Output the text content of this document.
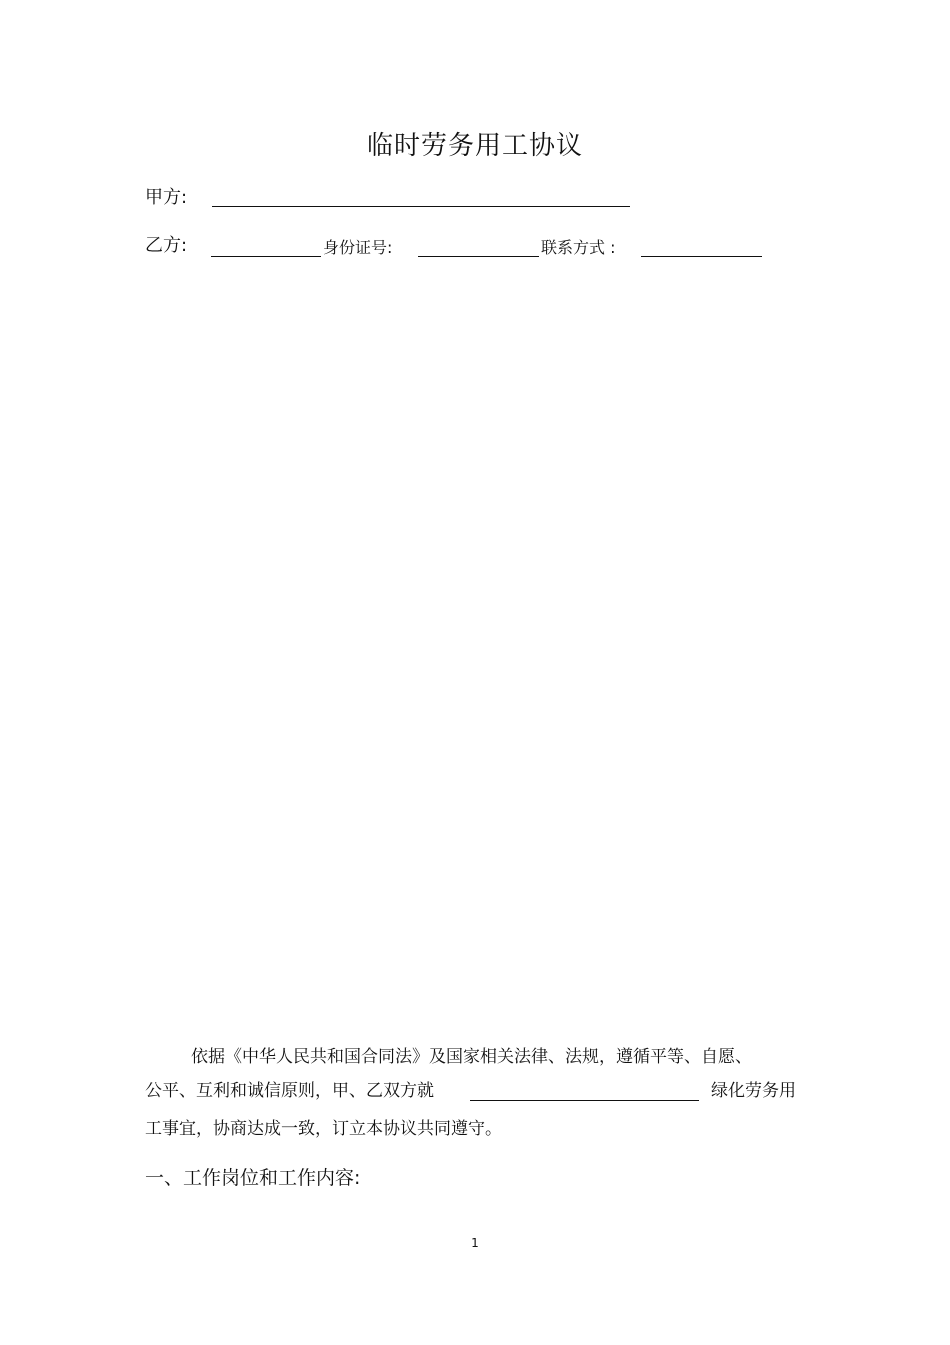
临时劳务用工协议
甲方:
乙方:	身份证号:	联系方式 :
依据《中华人民共和国合同法》及国家相关法律、法规，遵循平等、自愿、
公平、互利和诚信原则，甲、乙双方就	绿化劳务用
工事宜，协商达成一致，订立本协议共同遵守。
一、工作岗位和工作内容:
1
